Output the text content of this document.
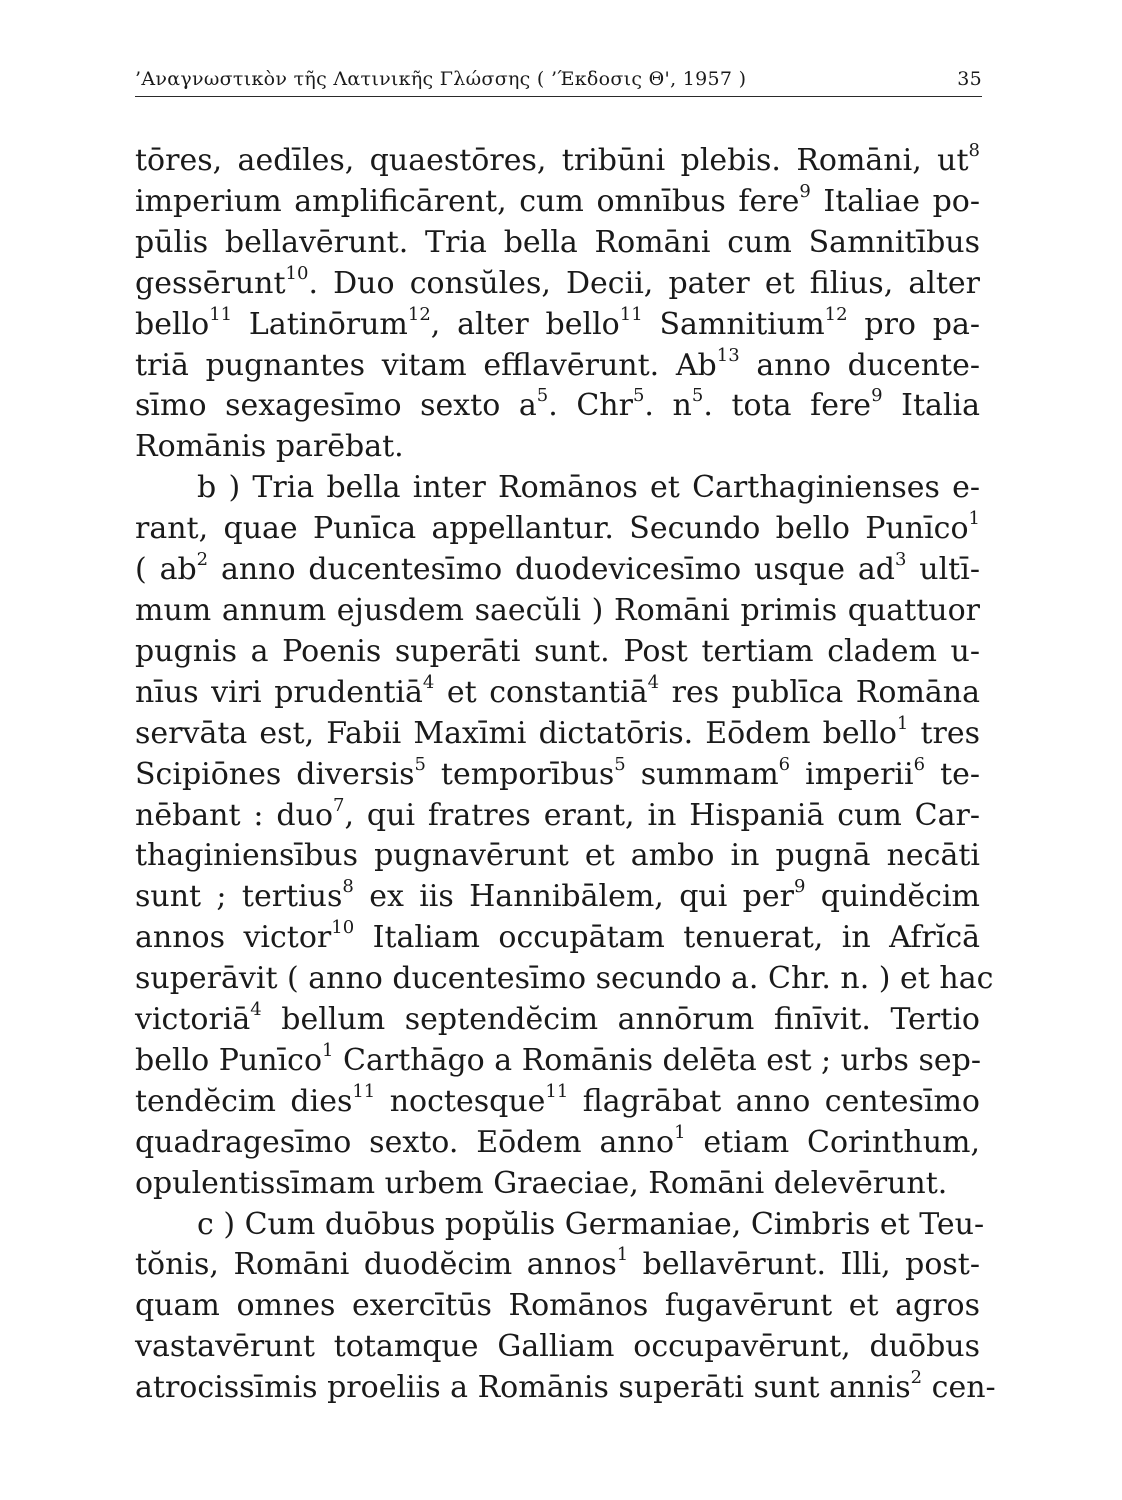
’Αναγνωστικὸν τῆς Λατινικῆς Γλώσσης ( ’Έκδοσις Θ', 1957 )	35
tōres, aedīles, quaestōres, tribūni plebis. Romāni, $ut^8$
imperium amplificārent, cum omnībus fere$^9$ Italiae po-
pūlis bellavērunt. Tria bella Romāni cum Samnitībus
gessērunt$^{10}$. Duo consŭles, Decii, pater et filius, alter
bello$^{11}$ Latinōrum$^{12}$, alter bello$^{11}$ Samnitium$^{12}$ pro pa-
triā pugnantes vitam efflavērunt. Ab$^{13}$ anno ducente-
sīmo sexagesīmo sexto $a^5$. Chr$^5$. $n^5$. tota fere$^9$ Italia
Romānis parēbat.
b ) Tria bella inter Romānos et Carthaginienses e-
rant, quae Punīca appellantur. Secundo bello Punīco$^1$
( $ab^2$ anno ducentesīmo duodevicesīmo usque $ad^3$ ultī-
mum annum ejusdem saecŭli ) Romāni primis quattuor
pugnis a Poenis superāti sunt. Post tertiam cladem u-
nīus viri prudentiā$^4$ et constantiā$^4$ res publīca Romāna
servāta est, Fabii Maxīmi dictatōris. Eōdem bello$^1$ tres
Scipiōnes diversis$^5$ temporībus$^5$ summam$^6$ imperii$^6$ te-
nēbant : duo$^7$, qui fratres erant, in Hispaniā cum Car-
thaginiensībus pugnavērunt et ambo in pugnā necāti
sunt ; tertius$^8$ ex iis Hannibālem, qui per$^9$ quindĕcim
annos victor$^{10}$ Italiam occupātam tenuerat, in Afrĭcā
superāvit ( anno ducentesīmo secundo a. Chr. n. ) et hac
victoriā$^4$ bellum septendĕcim annōrum finīvit. Tertio
bello Punīco$^1$ Carthāgo a Romānis delēta est ; urbs sep-
tendĕcim dies$^{11}$ noctesque$^{11}$ flagrābat anno centesīmo
quadragesīmo sexto. Eōdem anno$^1$ etiam Corinthum,
opulentissīmam urbem Graeciae, Romāni delevērunt.
c ) Cum duōbus popŭlis Germaniae, Cimbris et Teu-
tŏnis, Romāni duodĕcim annos$^1$ bellavērunt. Illi, post-
quam omnes exercītūs Romānos fugavērunt et agros
vastavērunt totamque Galliam occupavērunt, duōbus
atrocissīmis proeliis a Romānis superāti sunt annis$^2$ cen-
